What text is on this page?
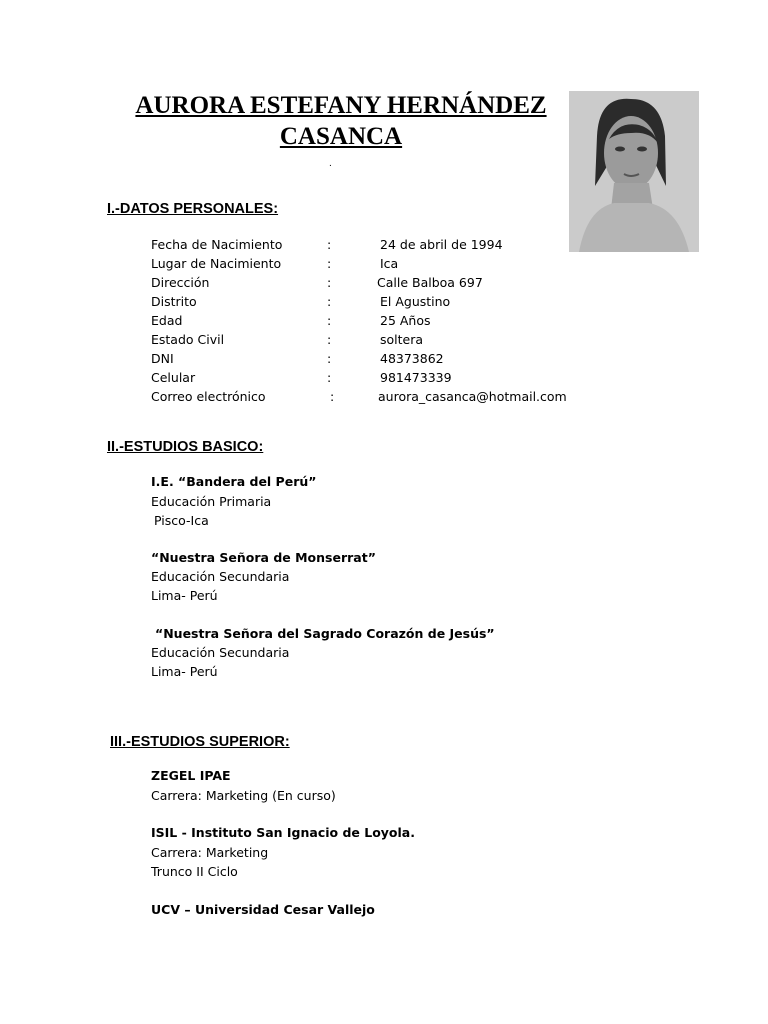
AURORA ESTEFANY HERNÁNDEZ
CASANCA
.
I.-DATOS PERSONALES:
Fecha de Nacimiento	:	24 de abril de 1994
Lugar de Nacimiento	:	Ica
Dirección	:	Calle Balboa 697
Distrito	:	El Agustino
Edad	:	25 Años
Estado Civil	:	soltera
DNI	:	48373862
Celular	:	981473339
Correo electrónico	:	aurora_casanca@hotmail.com
II.-ESTUDIOS BASICO:
I.E. “Bandera del Perú”
Educación Primaria
Pisco-Ica
“Nuestra Señora de Monserrat”
Educación Secundaria
Lima- Perú
“Nuestra Señora del Sagrado Corazón de Jesús”
Educación Secundaria
Lima- Perú
III.-ESTUDIOS SUPERIOR:
ZEGEL IPAE
Carrera: Marketing (En curso)
ISIL - Instituto San Ignacio de Loyola.
Carrera: Marketing
Trunco II Ciclo
UCV – Universidad Cesar Vallejo
